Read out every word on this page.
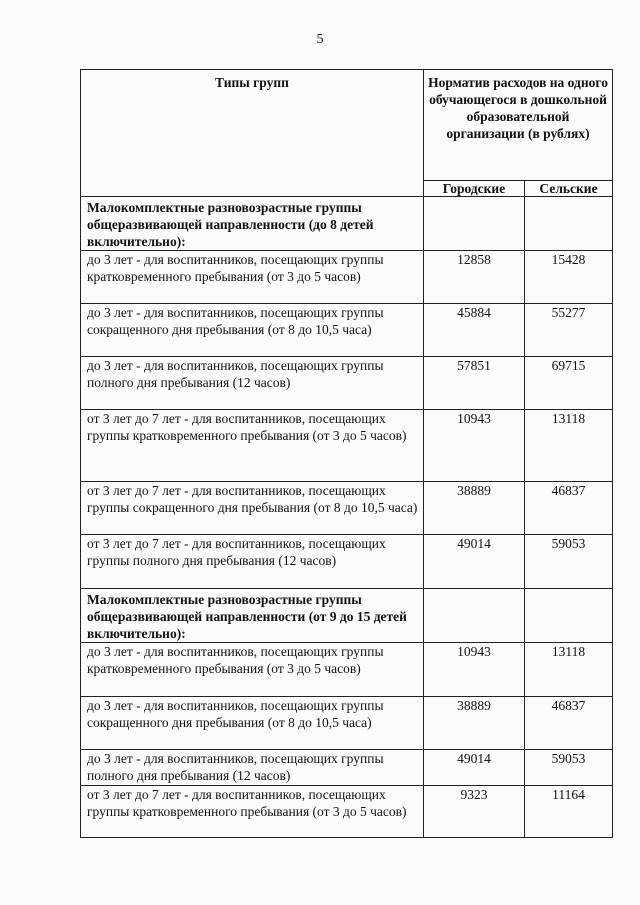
5
Типы групп	Норматив расходов на одного обучающегося в дошкольной образовательной организации (в рублях)	
	Городские	Сельские
Малокомплектные разновозрастные группы общеразвивающей направленности (до 8 детей включительно):		
до 3 лет - для воспитанников, посещающих группы кратковременного пребывания (от 3 до 5 часов)	12858	15428
до 3 лет - для воспитанников, посещающих группы сокращенного дня пребывания (от 8 до 10,5 часа)	45884	55277
до 3 лет - для воспитанников, посещающих группы полного дня пребывания (12 часов)	57851	69715
от 3 лет до 7 лет - для воспитанников, посещающих группы кратковременного пребывания (от 3 до 5 часов)	10943	13118
от 3 лет до 7 лет - для воспитанников, посещающих группы сокращенного дня пребывания (от 8 до 10,5 часа)	38889	46837
от 3 лет до 7 лет - для воспитанников, посещающих группы полного дня пребывания (12 часов)	49014	59053
Малокомплектные разновозрастные группы общеразвивающей направленности (от 9 до 15 детей включительно):		
до 3 лет - для воспитанников, посещающих группы кратковременного пребывания (от 3 до 5 часов)	10943	13118
до 3 лет - для воспитанников, посещающих группы сокращенного дня пребывания (от 8 до 10,5 часа)	38889	46837
до 3 лет - для воспитанников, посещающих группы полного дня пребывания (12 часов)	49014	59053
от 3 лет до 7 лет - для воспитанников, посещающих группы кратковременного пребывания (от 3 до 5 часов)	9323	11164
